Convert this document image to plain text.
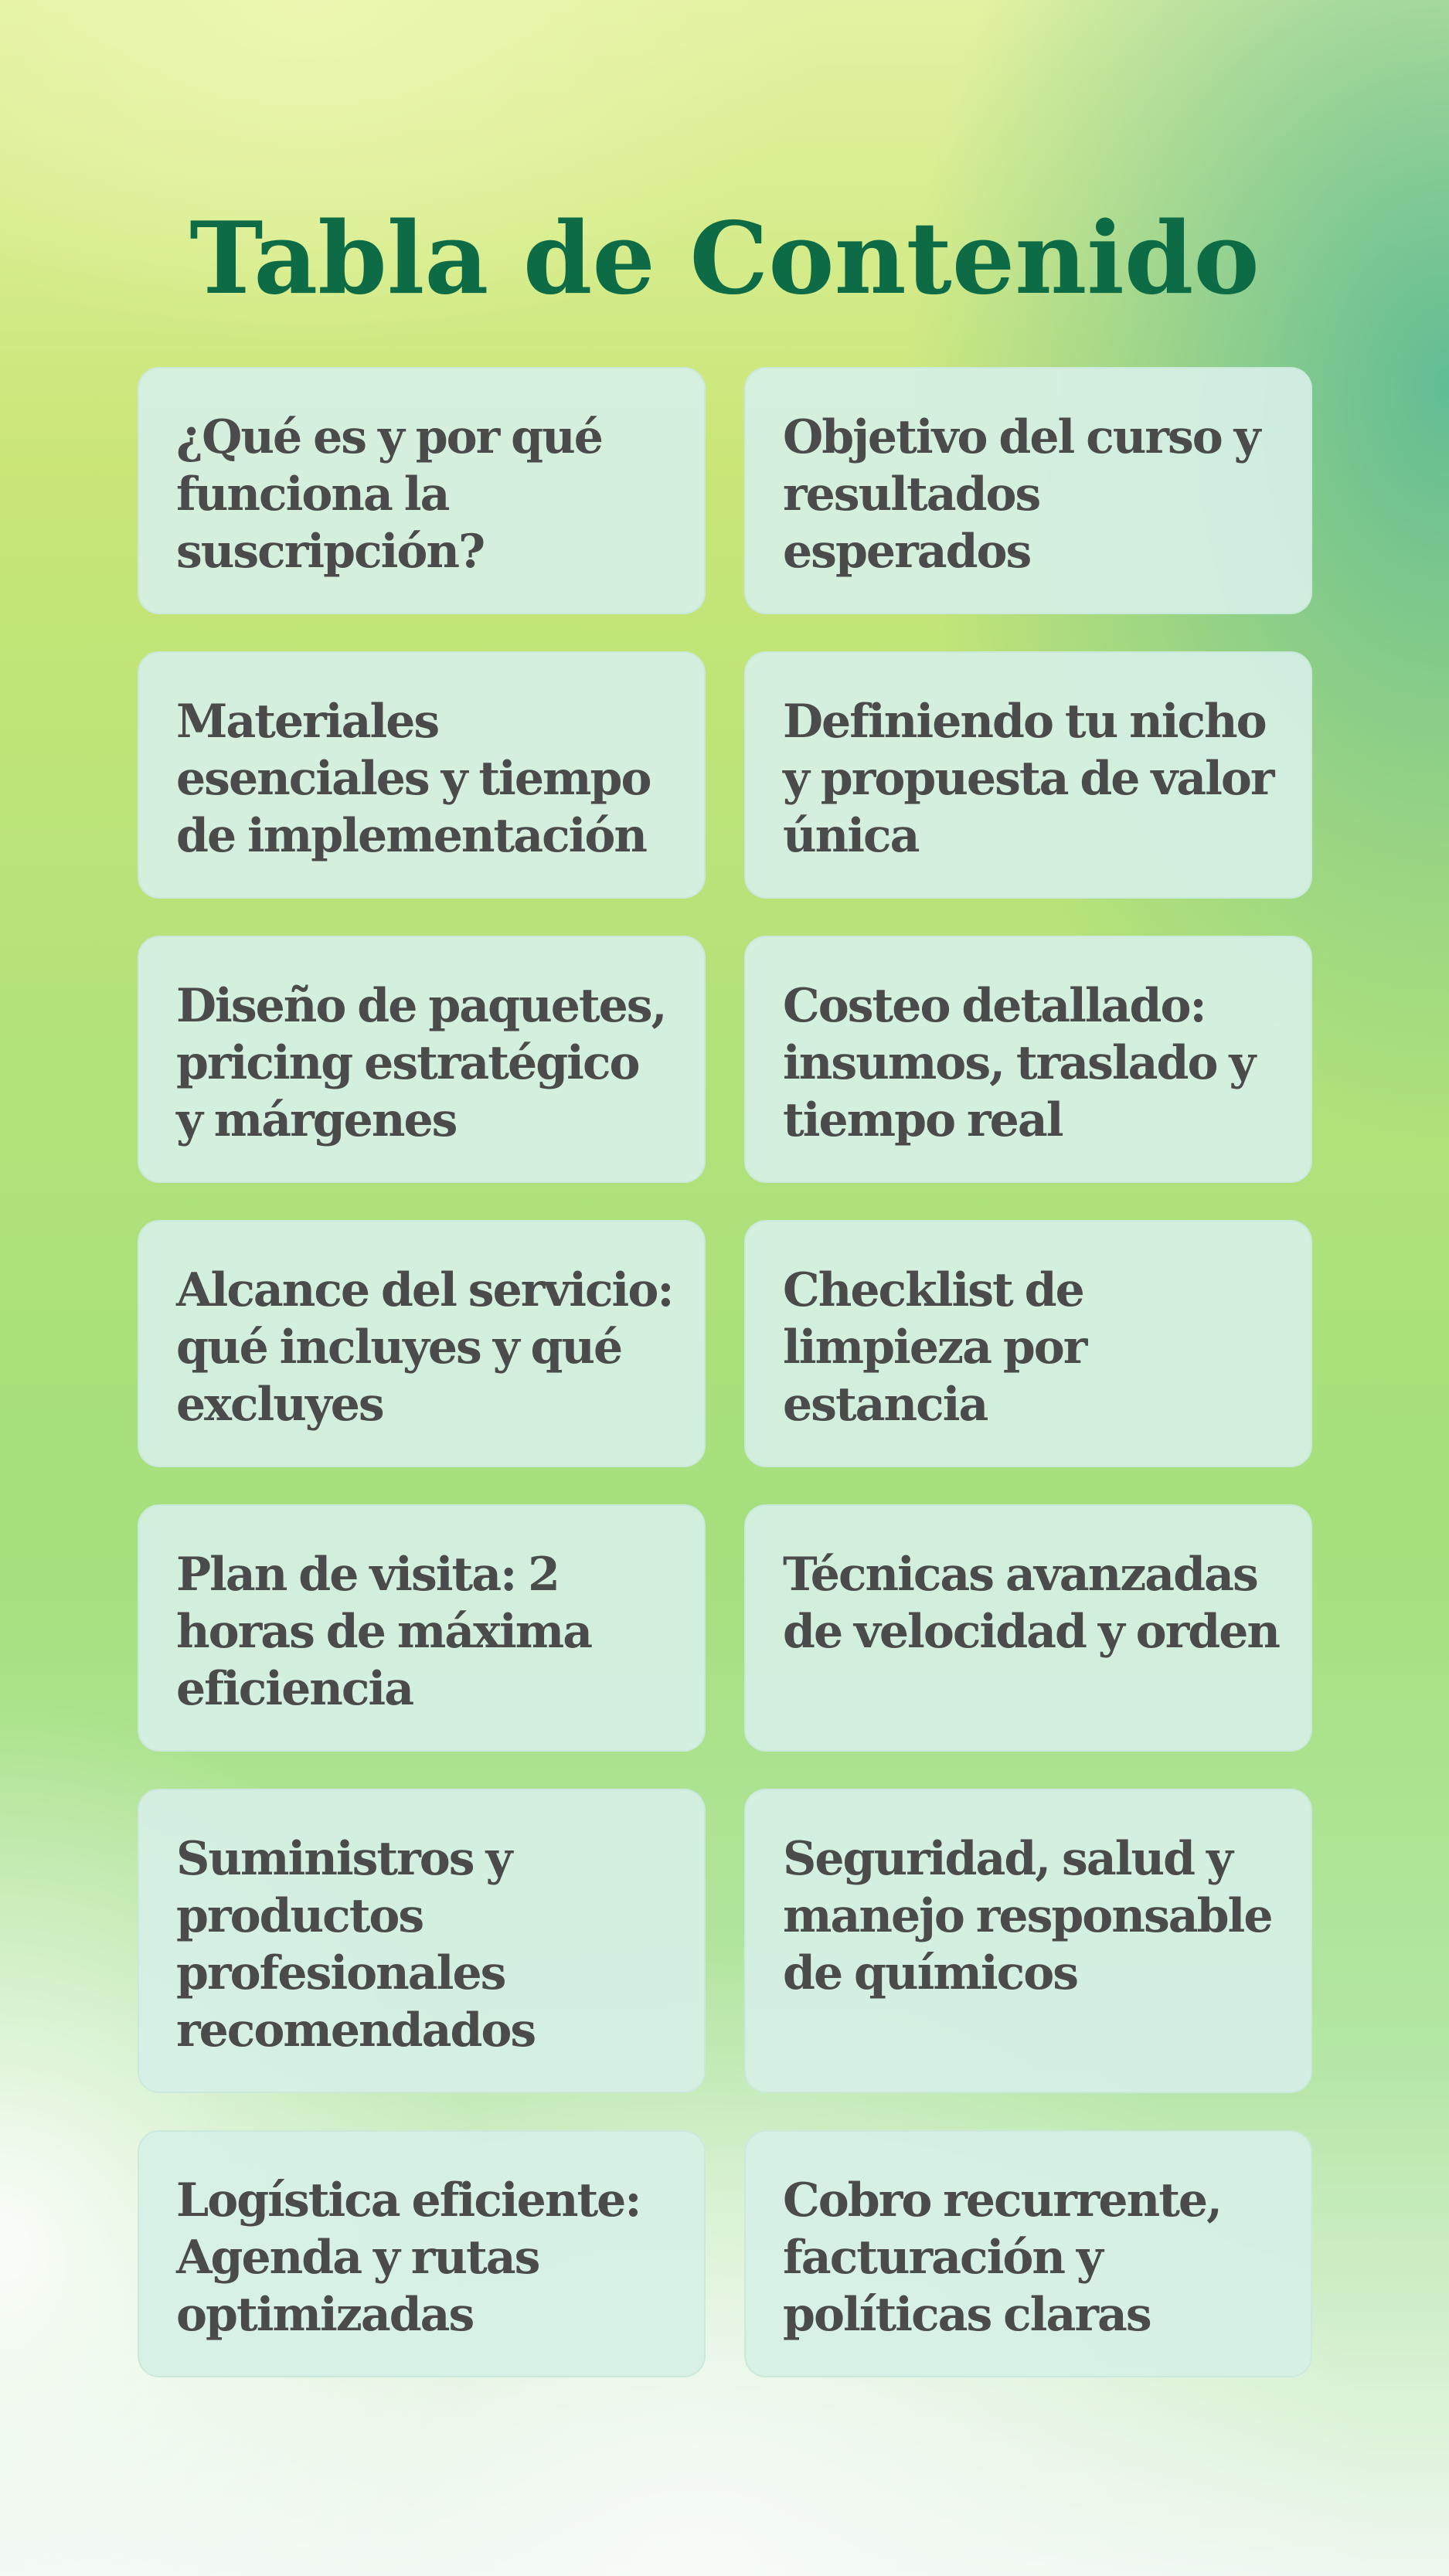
Tabla de Contenido

¿Qué es y por qué funciona la suscripción?

Objetivo del curso y resultados esperados

Materiales esenciales y tiempo de implementación

Definiendo tu nicho y propuesta de valor única

Diseño de paquetes, pricing estratégico y márgenes

Costeo detallado: insumos, traslado y tiempo real

Alcance del servicio: qué incluyes y qué excluyes

Checklist de limpieza por estancia

Plan de visita: 2 horas de máxima eficiencia

Técnicas avanzadas de velocidad y orden

Suministros y productos profesionales recomendados

Seguridad, salud y manejo responsable de químicos

Logística eficiente: Agenda y rutas optimizadas

Cobro recurrente, facturación y políticas claras
